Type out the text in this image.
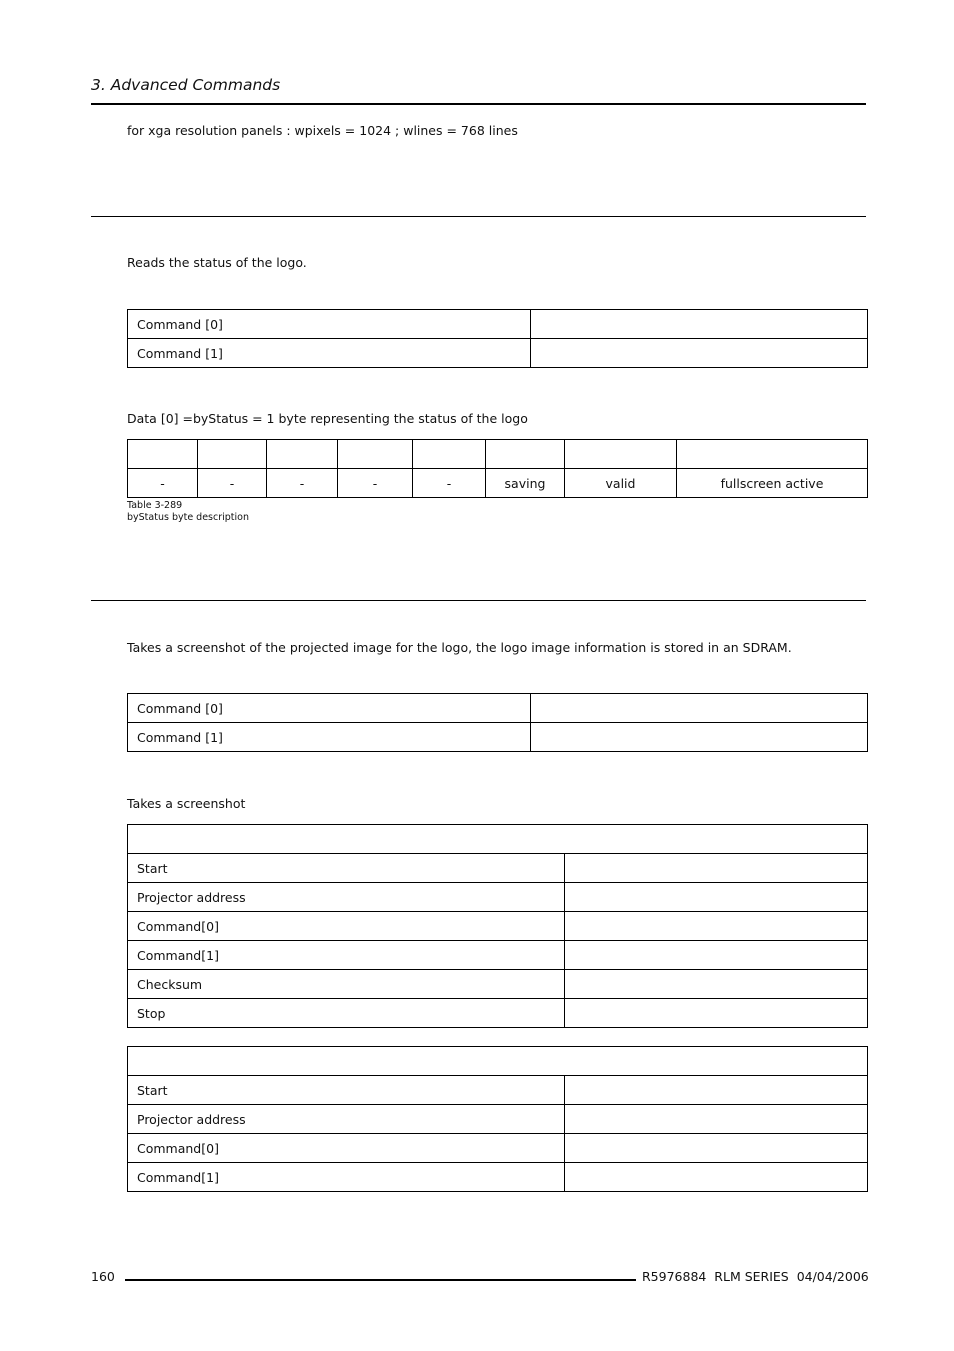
3. Advanced Commands
for xga resolution panels : wpixels = 1024 ; wlines = 768 lines
Reads the status of the logo.
Command [0]	
Command [1]	
Data [0] =byStatus = 1 byte representing the status of the logo

-	-	-	-	-	saving	valid	fullscreen active
Table 3-289
byStatus byte description
Takes a screenshot of the projected image for the logo, the logo image information is stored in an SDRAM.
Command [0]	
Command [1]	
Takes a screenshot

Start	
Projector address	
Command[0]	
Command[1]	
Checksum	
Stop	

Start	
Projector address	
Command[0]	
Command[1]	
160	R5976884  RLM SERIES  04/04/2006
